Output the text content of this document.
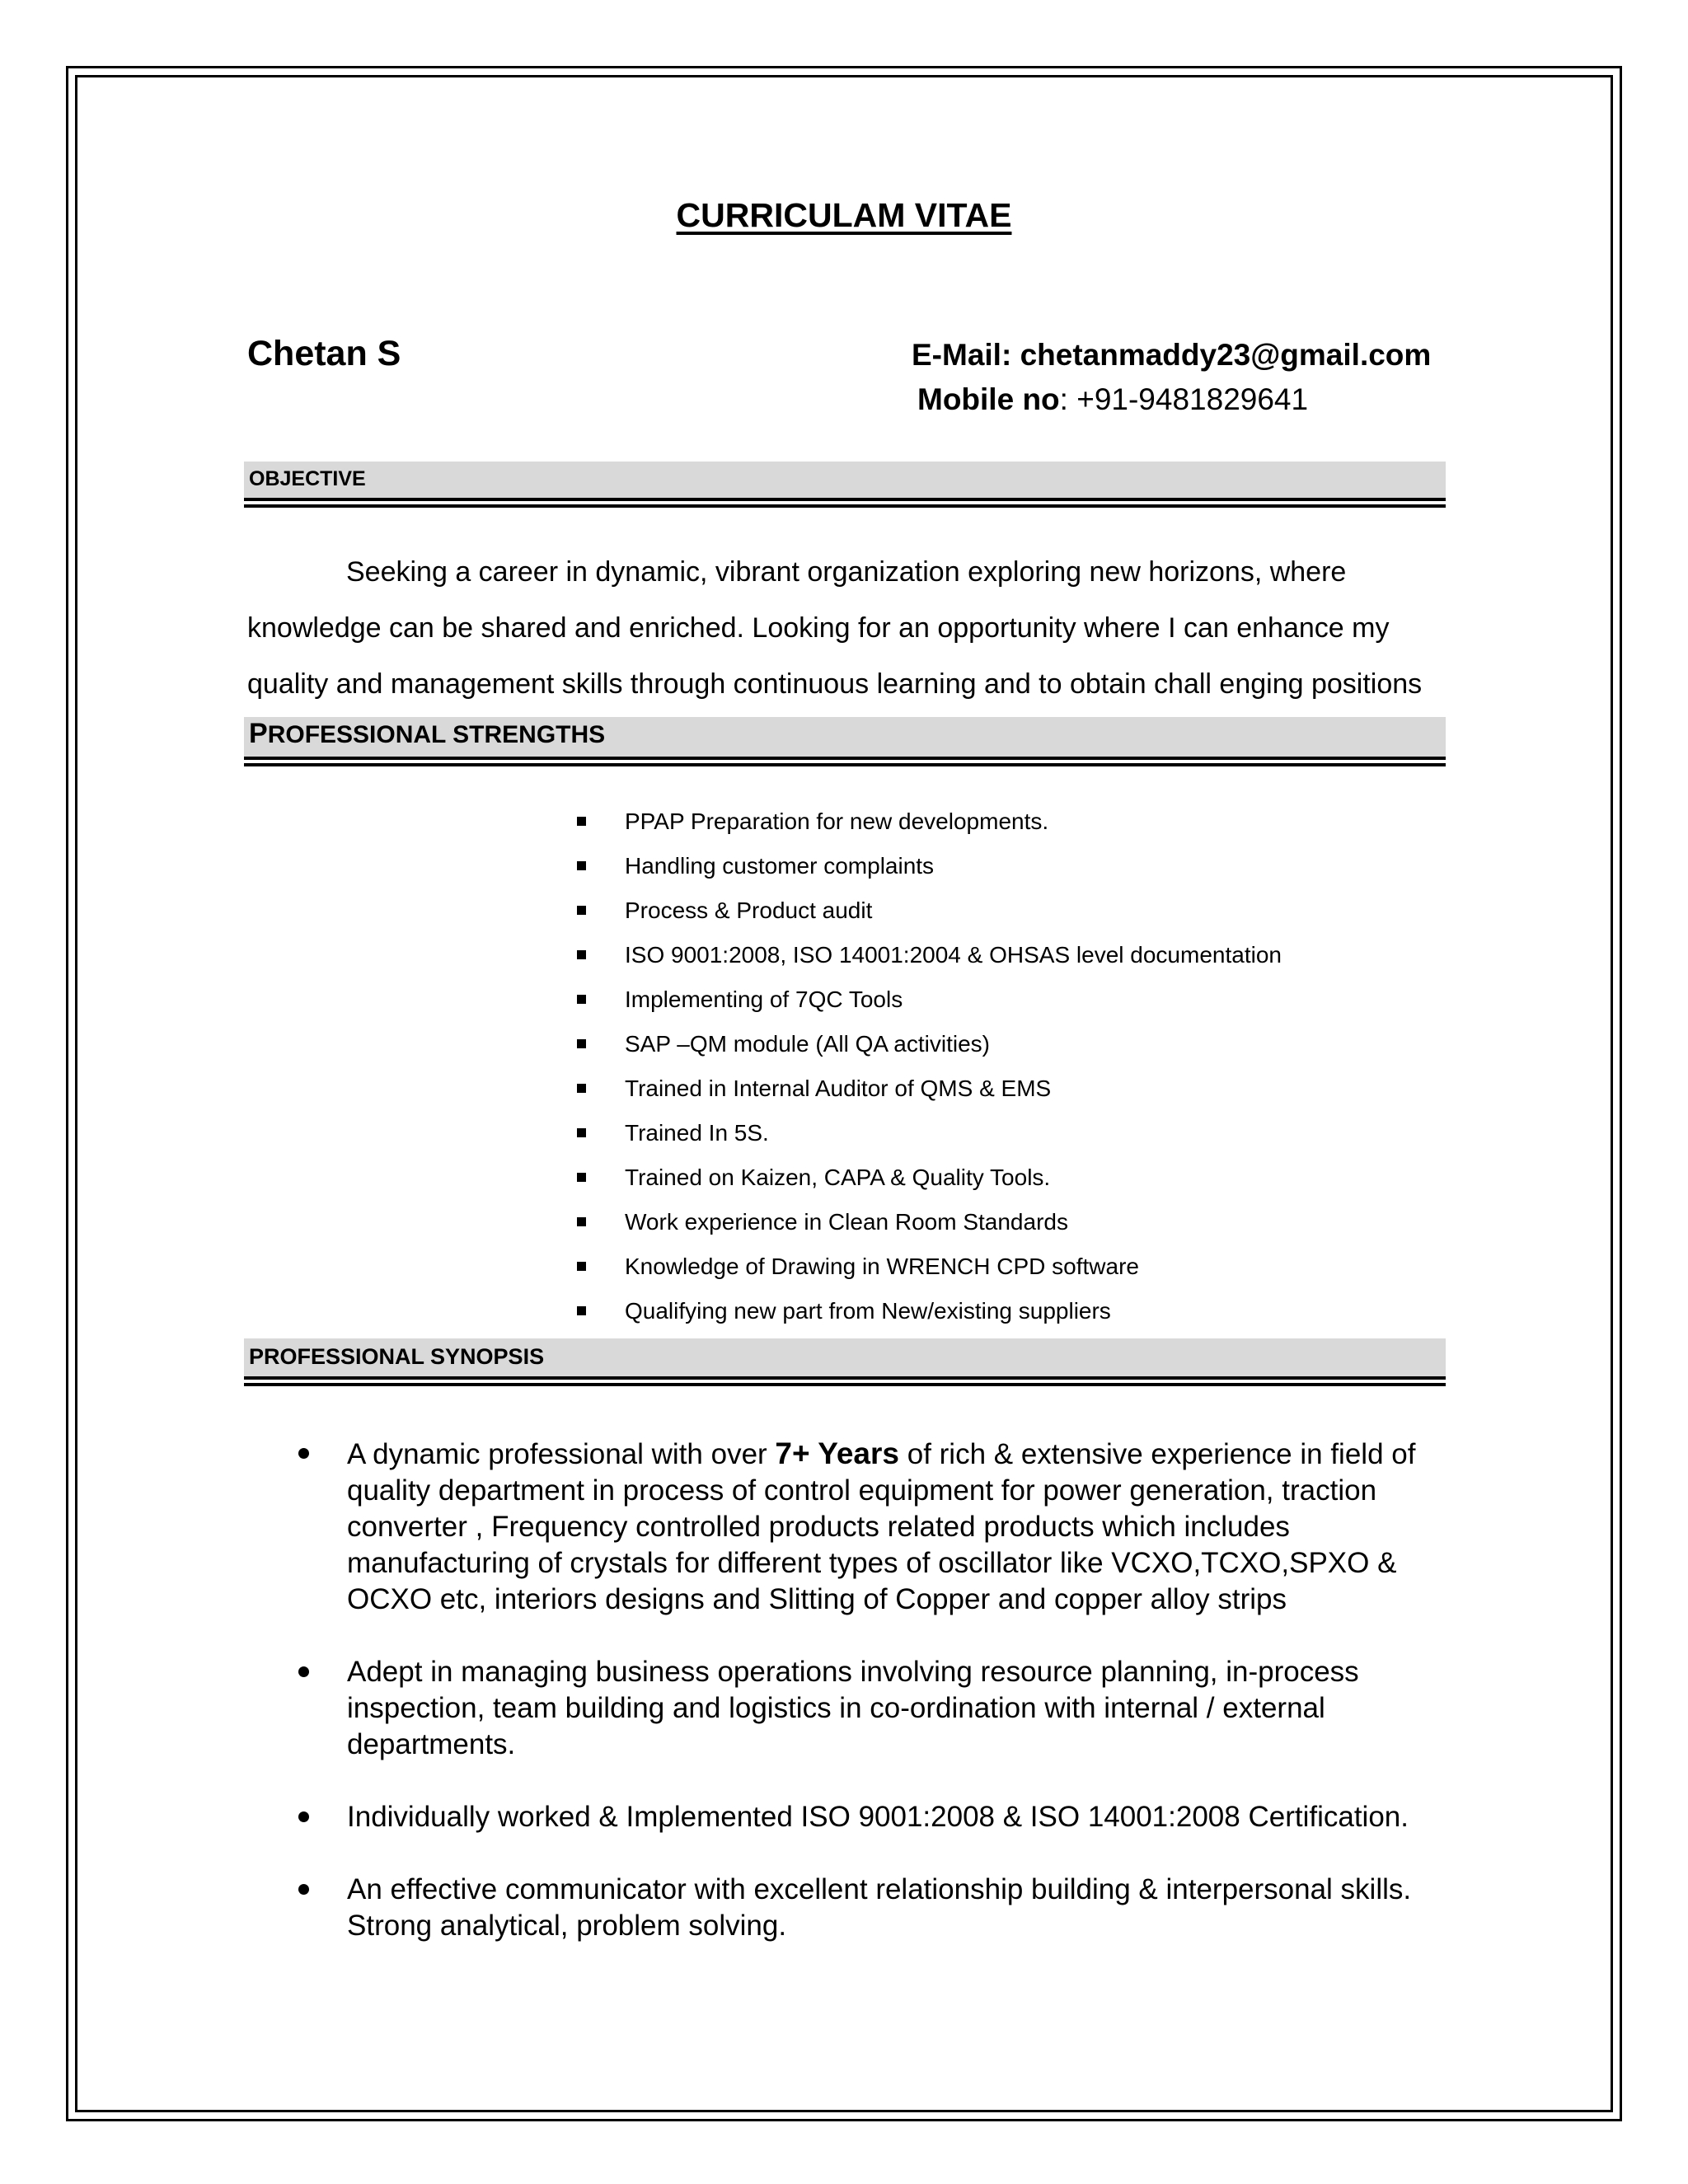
CURRICULAM VITAE
Chetan S	E-Mail: chetanmaddy23@gmail.com
Mobile no: +91-9481829641
OBJECTIVE
Seeking a career in dynamic, vibrant organization exploring new horizons, where
knowledge can be shared and enriched. Looking for an opportunity where I can enhance my
quality and management skills through continuous learning and to obtain chall enging positions
PROFESSIONAL STRENGTHS
PPAP Preparation for new developments.
Handling customer complaints
Process & Product audit
ISO 9001:2008, ISO 14001:2004 & OHSAS level documentation
Implementing of 7QC Tools
SAP –QM module (All QA activities)
Trained in Internal Auditor of QMS & EMS
Trained In 5S.
Trained on Kaizen, CAPA & Quality Tools.
Work experience in Clean Room Standards
Knowledge of Drawing in WRENCH CPD software
Qualifying new part from New/existing suppliers
PROFESSIONAL SYNOPSIS
A dynamic professional with over 7+ Years of rich & extensive experience in field of quality department in process of control equipment for power generation, traction converter , Frequency controlled products related products which includes manufacturing of crystals for different types of oscillator like VCXO,TCXO,SPXO & OCXO etc, interiors designs and Slitting of Copper and copper alloy strips
Adept in managing business operations involving resource planning, in-process inspection, team building and logistics in co-ordination with internal / external departments.
Individually worked & Implemented ISO 9001:2008 & ISO 14001:2008 Certification.
An effective communicator with excellent relationship building & interpersonal skills. Strong analytical, problem solving.
